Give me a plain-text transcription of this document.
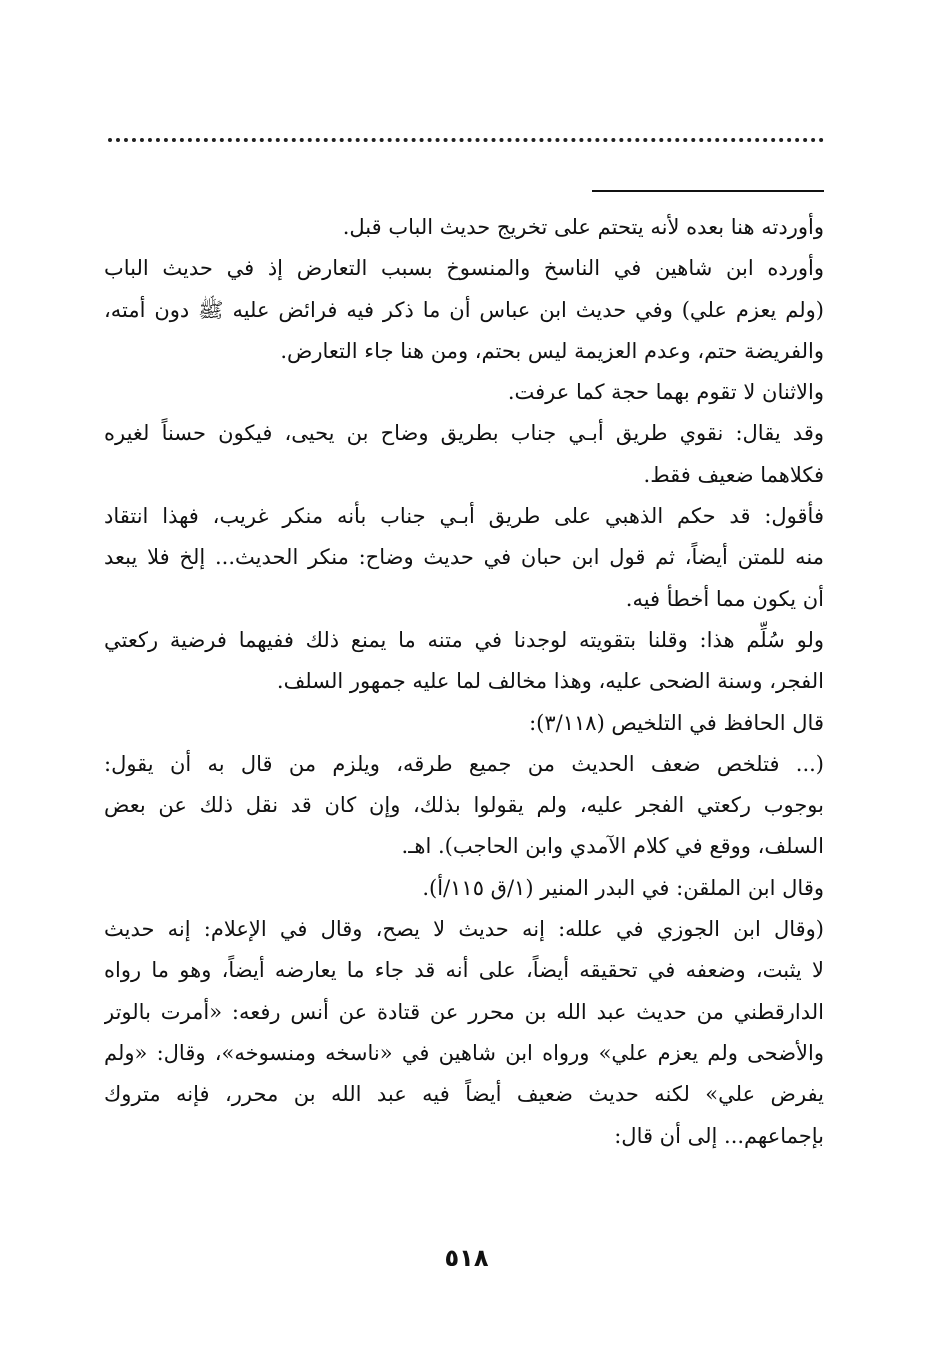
وأوردته هنا بعده لأنه يتحتم على تخريج حديث الباب قبل.
وأورده ابن شاهين في الناسخ والمنسوخ بسبب التعارض إذ في حديث الباب
(ولم يعزم علي) وفي حديث ابن عباس أن ما ذكر فيه فرائض عليه ﷺ دون أمته،
والفريضة حتم، وعدم العزيمة ليس بحتم، ومن هنا جاء التعارض.
والاثنان لا تقوم بهما حجة كما عرفت.
وقد يقال: نقوي طريق أبـي جناب بطريق وضاح بن يحيى، فيكون حسناً لغيره
فكلاهما ضعيف فقط.
فأقول: قد حكم الذهبي على طريق أبـي جناب بأنه منكر غريب، فهذا انتقاد
منه للمتن أيضاً، ثم قول ابن حبان في حديث وضاح: منكر الحديث... إلخ فلا يبعد
أن يكون مما أخطأ فيه.
ولو سُلِّم هذا: وقلنا بتقويته لوجدنا في متنه ما يمنع ذلك ففيهما فرضية ركعتي
الفجر، وسنة الضحى عليه، وهذا مخالف لما عليه جمهور السلف.
قال الحافظ في التلخيص (٣/١١٨):
(... فتلخص ضعف الحديث من جميع طرقه، ويلزم من قال به أن يقول:
بوجوب ركعتي الفجر عليه، ولم يقولوا بذلك، وإن كان قد نقل ذلك عن بعض
السلف، ووقع في كلام الآمدي وابن الحاجب). اهـ.
وقال ابن الملقن: في البدر المنير (١/ق ١١٥/أ).
(وقال ابن الجوزي في علله: إنه حديث لا يصح، وقال في الإعلام: إنه حديث
لا يثبت، وضعفه في تحقيقه أيضاً، على أنه قد جاء ما يعارضه أيضاً، وهو ما رواه
الدارقطني من حديث عبد الله بن محرر عن قتادة عن أنس رفعه: «أمرت بالوتر
والأضحى ولم يعزم علي» ورواه ابن شاهين في «ناسخه ومنسوخه»، وقال: «ولم
يفرض علي» لكنه حديث ضعيف أيضاً فيه عبد الله بن محرر، فإنه متروك
بإجماعهم... إلى أن قال:
٥١٨
